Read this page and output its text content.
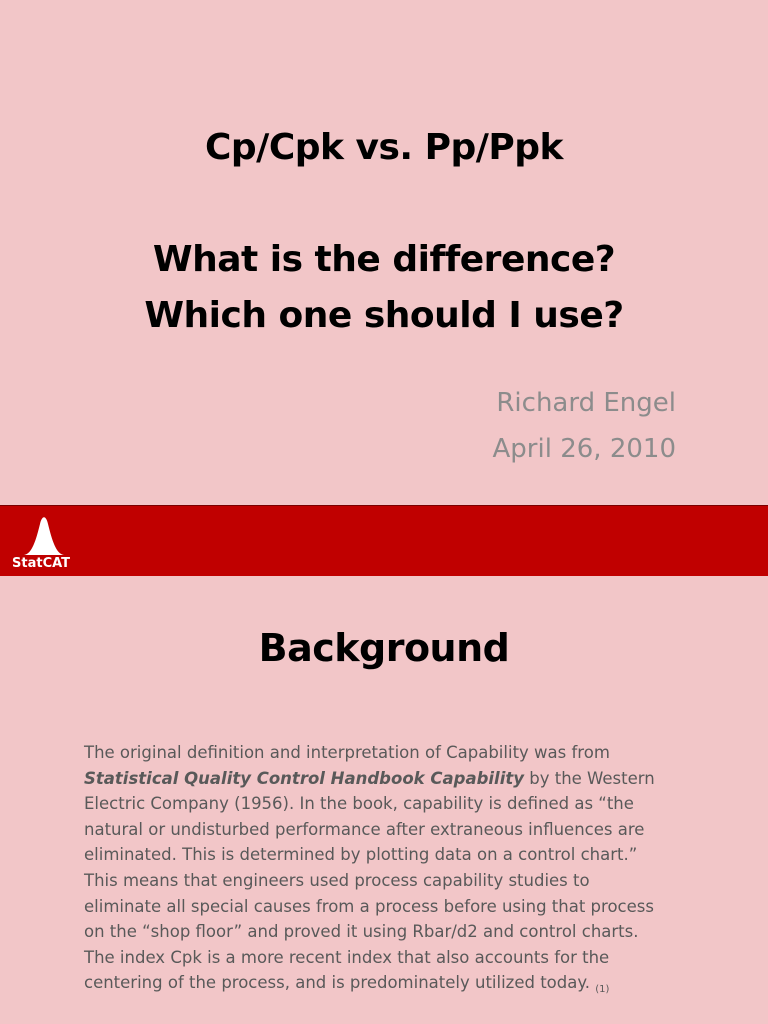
Cp/Cpk vs. Pp/Ppk
What is the difference?
Which one should I use?
Richard Engel
April 26, 2010
StatCAT
Background
The original definition and interpretation of Capability was from Statistical Quality Control Handbook Capability by the Western Electric Company (1956). In the book, capability is defined as “the natural or undisturbed performance after extraneous influences are eliminated. This is determined by plotting data on a control chart.” This means that engineers used process capability studies to eliminate all special causes from a process before using that process on the “shop floor” and proved it using Rbar/d2 and control charts. The index Cpk is a more recent index that also accounts for the centering of the process, and is predominately utilized today. $_{(1)}$
